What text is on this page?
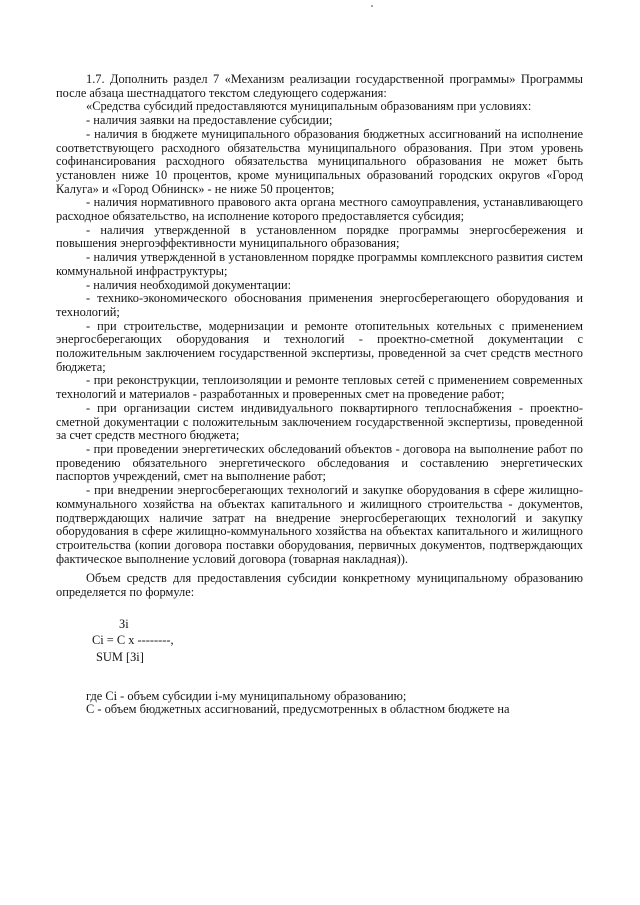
1.7. Дополнить раздел 7 «Механизм реализации государственной программы» Программы после абзаца шестнадцатого текстом следующего содержания:

«Средства субсидий предоставляются муниципальным образованиям при условиях:

- наличия заявки на предоставление субсидии;

- наличия в бюджете муниципального образования бюджетных ассигнований на исполнение соответствующего расходного обязательства муниципального образования. При этом уровень софинансирования расходного обязательства муниципального образования не может быть установлен ниже 10 процентов, кроме муниципальных образований городских округов «Город Калуга» и «Город Обнинск» - не ниже 50 процентов;

- наличия нормативного правового акта органа местного самоуправления, устанавливающего расходное обязательство, на исполнение которого предоставляется субсидия;

- наличия утвержденной в установленном порядке программы энергосбережения и повышения энергоэффективности муниципального образования;

- наличия утвержденной в установленном порядке программы комплексного развития систем коммунальной инфраструктуры;

- наличия необходимой документации:

- технико-экономического обоснования применения энергосберегающего оборудования и технологий;

- при строительстве, модернизации и ремонте отопительных котельных с применением энергосберегающих оборудования и технологий - проектно-сметной документации с положительным заключением государственной экспертизы, проведенной за счет средств местного бюджета;

- при реконструкции, теплоизоляции и ремонте тепловых сетей с применением современных технологий и материалов - разработанных и проверенных смет на проведение работ;

- при организации систем индивидуального поквартирного теплоснабжения - проектно-сметной документации с положительным заключением государственной экспертизы, проведенной за счет средств местного бюджета;

- при проведении энергетических обследований объектов - договора на выполнение работ по проведению обязательного энергетического обследования и составлению энергетических паспортов учреждений, смет на выполнение работ;

- при внедрении энергосберегающих технологий и закупке оборудования в сфере жилищно-коммунального хозяйства на объектах капитального и жилищного строительства - документов, подтверждающих наличие затрат на внедрение энергосберегающих технологий и закупку оборудования в сфере жилищно-коммунального хозяйства на объектах капитального и жилищного строительства (копии договора поставки оборудования, первичных документов, подтверждающих фактическое выполнение условий договора (товарная накладная)).

Объем средств для предоставления субсидии конкретному муниципальному образованию определяется по формуле:

Зi
Ci = C x --------,
SUM [Зi]

где Ci - объем субсидии i-му муниципальному образованию;

C - объем бюджетных ассигнований, предусмотренных в областном бюджете на
